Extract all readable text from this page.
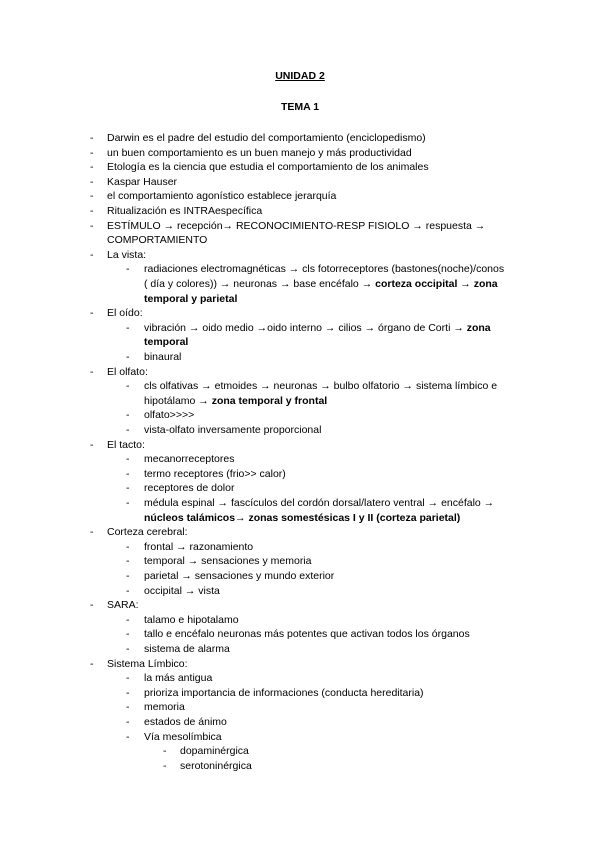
UNIDAD 2
TEMA 1
- Darwin es el padre del estudio del comportamiento (enciclopedismo)
- un buen comportamiento es un buen manejo y más productividad
- Etología es la ciencia que estudia el comportamiento de los animales
- Kaspar Hauser
- el comportamiento agonístico establece jerarquía
- Ritualización es INTRAespecífica
- ESTÍMULO → recepción→ RECONOCIMIENTO-RESP FISIOLO → respuesta →
COMPORTAMIENTO
- La vista:
- radiaciones electromagnéticas → cls fotorreceptores (bastones(noche)/conos
( día y colores)) → neuronas → base encéfalo → corteza occipital → zona
temporal y parietal
- El oído:
- vibración → oido medio →oido interno → cilios → órgano de Corti → zona
temporal
- binaural
- El olfato:
- cls olfativas → etmoides → neuronas → bulbo olfatorio → sistema límbico e
hipotálamo → zona temporal y frontal
- olfato>>>>
- vista-olfato inversamente proporcional
- El tacto:
- mecanorreceptores
- termo receptores (frio>> calor)
- receptores de dolor
- médula espinal → fascículos del cordón dorsal/latero ventral → encéfalo →
núcleos talámicos→ zonas somestésicas I y II (corteza parietal)
- Corteza cerebral:
- frontal → razonamiento
- temporal → sensaciones y memoria
- parietal → sensaciones y mundo exterior
- occipital → vista
- SARA:
- talamo e hipotalamo
- tallo e encéfalo neuronas más potentes que activan todos los órganos
- sistema de alarma
- Sistema Límbico:
- la más antigua
- prioriza importancia de informaciones (conducta hereditaria)
- memoria
- estados de ánimo
- Vía mesolímbica
- dopaminérgica
- serotoninérgica
